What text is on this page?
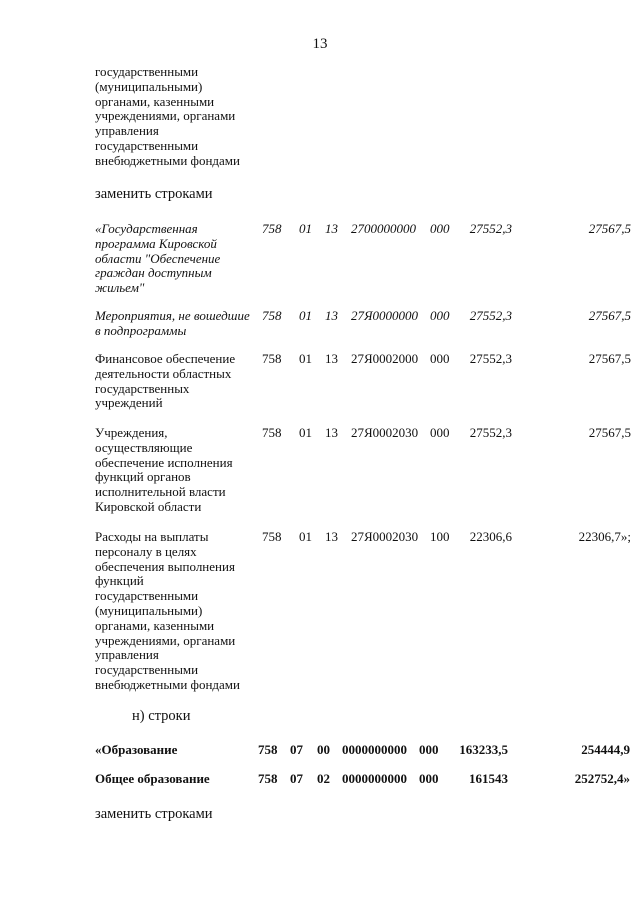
13
государственными
(муниципальными)
органами, казенными
учреждениями, органами
управления
государственными
внебюджетными фондами
заменить строками
«Государственная
программа Кировской
области "Обеспечение
граждан доступным
жильем"
758 01 13 2700000000 000 27552,3	27567,5
Мероприятия, не вошедшие
в подпрограммы
758 01 13 27Я0000000 000 27552,3	27567,5
Финансовое обеспечение
деятельности областных
государственных
учреждений
758 01 13 27Я0002000 000 27552,3	27567,5
Учреждения,
осуществляющие
обеспечение исполнения
функций органов
исполнительной власти
Кировской области
758 01 13 27Я0002030 000 27552,3	27567,5
Расходы на выплаты
персоналу в целях
обеспечения выполнения
функций
государственными
(муниципальными)
органами, казенными
учреждениями, органами
управления
государственными
внебюджетными фондами
758 01 13 27Я0002030 100 22306,6	22306,7»;
н) строки
«Образование	758 07 00 0000000000 000 163233,5	254444,9
Общее образование	758 07 02 0000000000 000 161543	252752,4»
заменить строками
